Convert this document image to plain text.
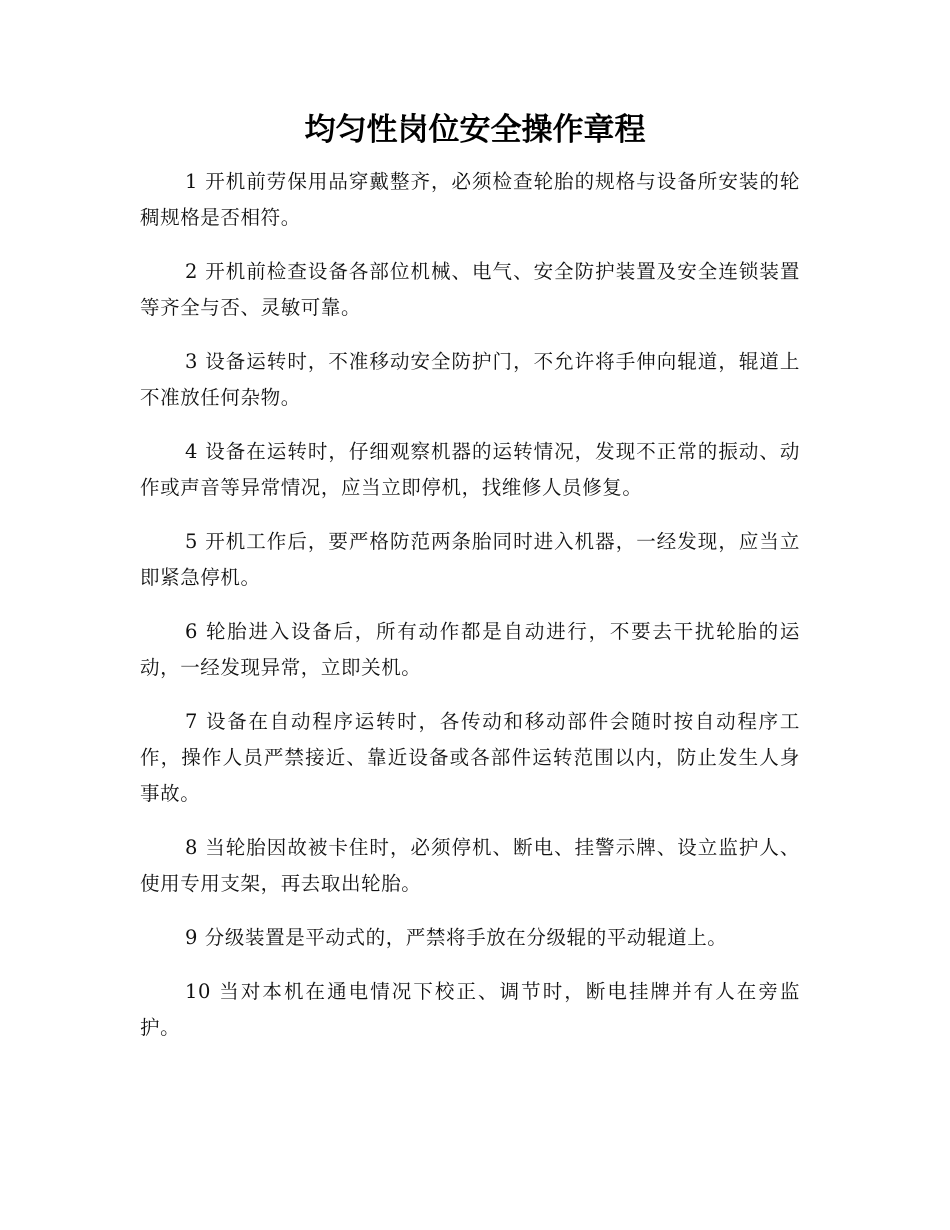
均匀性岗位安全操作章程

1 开机前劳保用品穿戴整齐，必须检查轮胎的规格与设备所安装的轮稠规格是否相符。

2 开机前检查设备各部位机械、电气、安全防护装置及安全连锁装置等齐全与否、灵敏可靠。

3 设备运转时，不准移动安全防护门，不允许将手伸向辊道，辊道上不准放任何杂物。

4 设备在运转时，仔细观察机器的运转情况，发现不正常的振动、动作或声音等异常情况，应当立即停机，找维修人员修复。

5 开机工作后，要严格防范两条胎同时进入机器，一经发现，应当立即紧急停机。

6 轮胎进入设备后，所有动作都是自动进行，不要去干扰轮胎的运动，一经发现异常，立即关机。

7 设备在自动程序运转时，各传动和移动部件会随时按自动程序工作，操作人员严禁接近、靠近设备或各部件运转范围以内，防止发生人身事故。

8 当轮胎因故被卡住时，必须停机、断电、挂警示牌、设立监护人、使用专用支架，再去取出轮胎。

9 分级装置是平动式的，严禁将手放在分级辊的平动辊道上。

10 当对本机在通电情况下校正、调节时，断电挂牌并有人在旁监护。
